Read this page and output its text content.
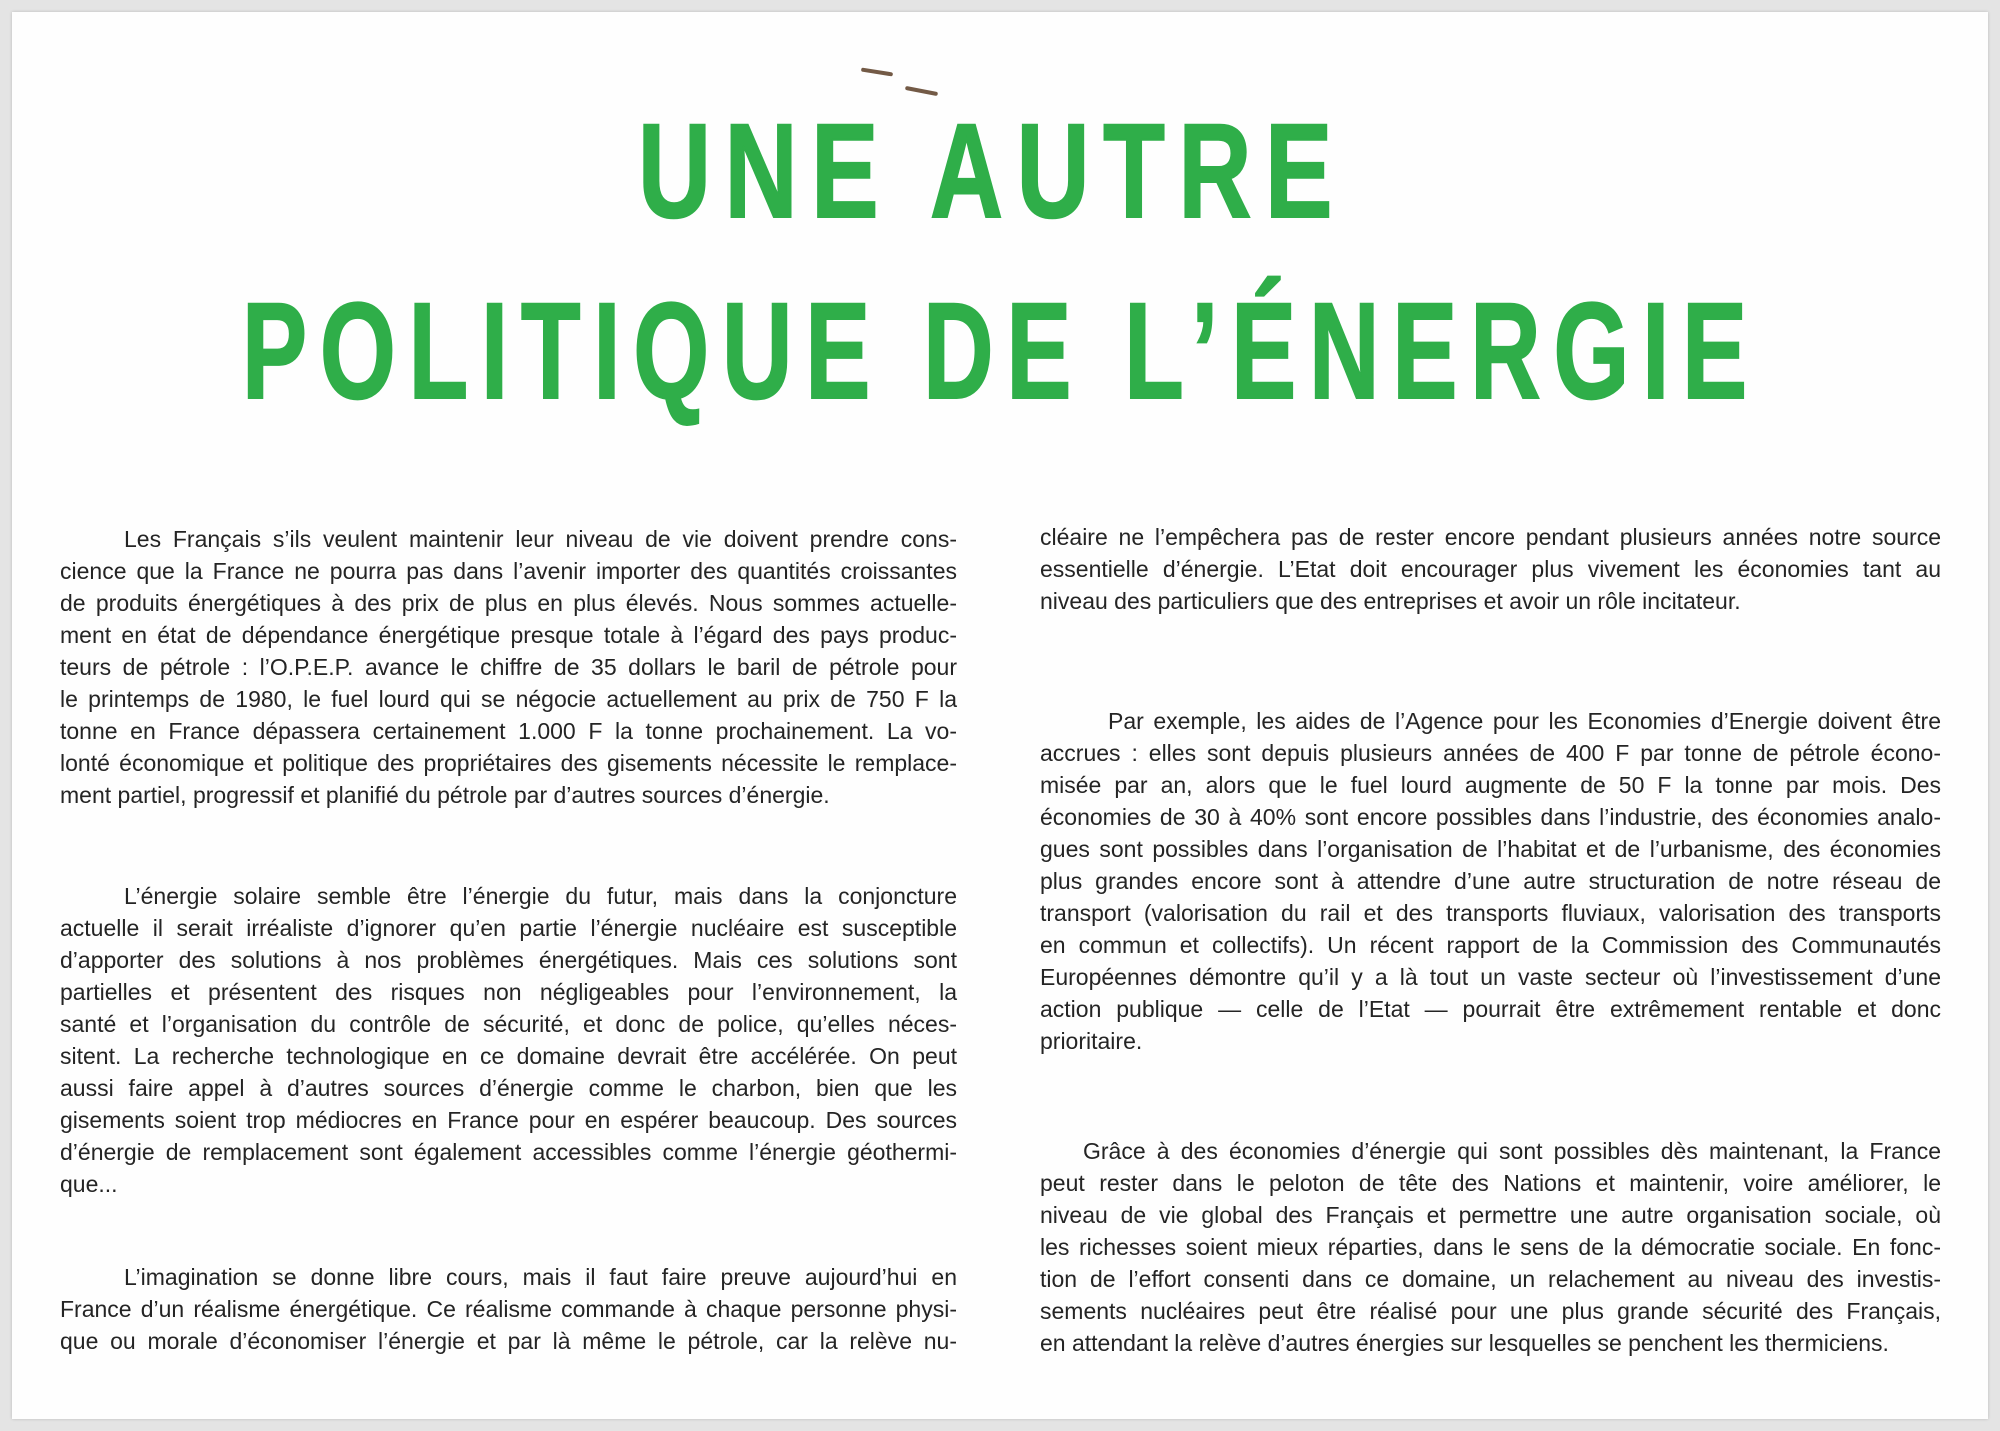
UNE AUTRE
POLITIQUE DE L’ÉNERGIE
Les Français s’ils veulent maintenir leur niveau de vie doivent prendre cons-
cience que la France ne pourra pas dans l’avenir importer des quantités croissantes
de produits énergétiques à des prix de plus en plus élevés. Nous sommes actuelle-
ment en état de dépendance énergétique presque totale à l’égard des pays produc-
teurs de pétrole : l’O.P.E.P. avance le chiffre de 35 dollars le baril de pétrole pour
le printemps de 1980, le fuel lourd qui se négocie actuellement au prix de 750 F la
tonne en France dépassera certainement 1.000 F la tonne prochainement. La vo-
lonté économique et politique des propriétaires des gisements nécessite le remplace-
ment partiel, progressif et planifié du pétrole par d’autres sources d’énergie.
L’énergie solaire semble être l’énergie du futur, mais dans la conjoncture
actuelle il serait irréaliste d’ignorer qu’en partie l’énergie nucléaire est susceptible
d’apporter des solutions à nos problèmes énergétiques. Mais ces solutions sont
partielles et présentent des risques non négligeables pour l’environnement, la
santé et l’organisation du contrôle de sécurité, et donc de police, qu’elles néces-
sitent. La recherche technologique en ce domaine devrait être accélérée. On peut
aussi faire appel à d’autres sources d’énergie comme le charbon, bien que les
gisements soient trop médiocres en France pour en espérer beaucoup. Des sources
d’énergie de remplacement sont également accessibles comme l’énergie géothermi-
que...
L’imagination se donne libre cours, mais il faut faire preuve aujourd’hui en
France d’un réalisme énergétique. Ce réalisme commande à chaque personne physi-
que ou morale d’économiser l’énergie et par là même le pétrole, car la relève nu-
cléaire ne l’empêchera pas de rester encore pendant plusieurs années notre source
essentielle d’énergie. L’Etat doit encourager plus vivement les économies tant au
niveau des particuliers que des entreprises et avoir un rôle incitateur.
Par exemple, les aides de l’Agence pour les Economies d’Energie doivent être
accrues : elles sont depuis plusieurs années de 400 F par tonne de pétrole écono-
misée par an, alors que le fuel lourd augmente de 50 F la tonne par mois. Des
économies de 30 à 40% sont encore possibles dans l’industrie, des économies analo-
gues sont possibles dans l’organisation de l’habitat et de l’urbanisme, des économies
plus grandes encore sont à attendre d’une autre structuration de notre réseau de
transport (valorisation du rail et des transports fluviaux, valorisation des transports
en commun et collectifs). Un récent rapport de la Commission des Communautés
Européennes démontre qu’il y a là tout un vaste secteur où l’investissement d’une
action publique — celle de l’Etat — pourrait être extrêmement rentable et donc
prioritaire.
Grâce à des économies d’énergie qui sont possibles dès maintenant, la France
peut rester dans le peloton de tête des Nations et maintenir, voire améliorer, le
niveau de vie global des Français et permettre une autre organisation sociale, où
les richesses soient mieux réparties, dans le sens de la démocratie sociale. En fonc-
tion de l’effort consenti dans ce domaine, un relachement au niveau des investis-
sements nucléaires peut être réalisé pour une plus grande sécurité des Français,
en attendant la relève d’autres énergies sur lesquelles se penchent les thermiciens.
